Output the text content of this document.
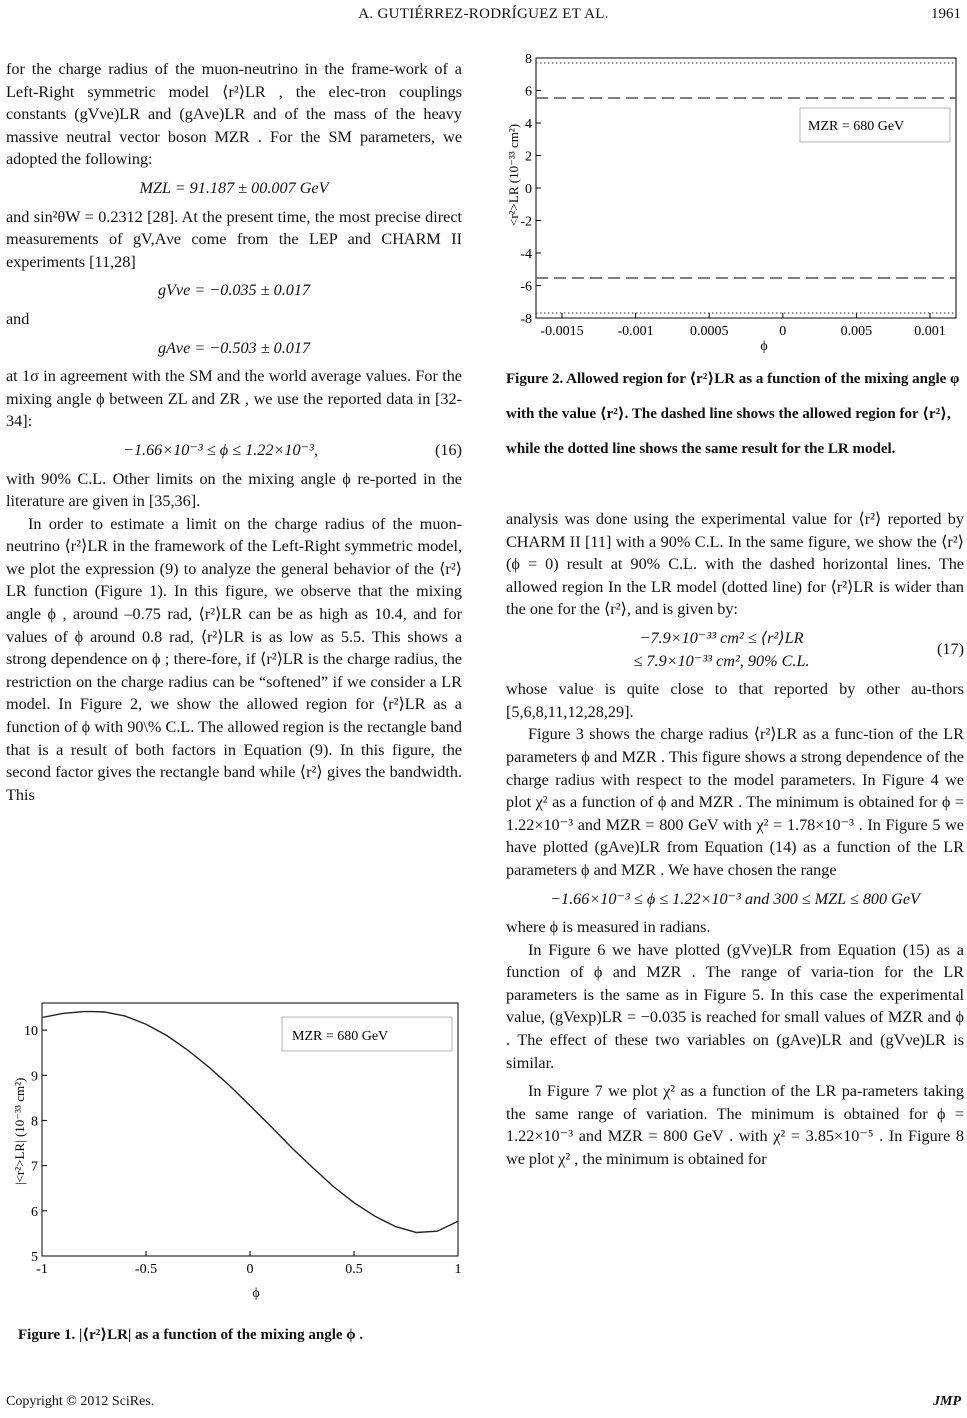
A. GUTIÉRREZ-RODRÍGUEZ ET AL.	1961

for the charge radius of the muon-neutrino in the frame-work of a Left-Right symmetric model ⟨r²⟩LR , the elec-tron couplings constants (gVνe)LR and (gAνe)LR and of the mass of the heavy massive neutral vector boson MZR . For the SM parameters, we adopted the following:

MZL = 91.187 ± 00.007 GeV

and sin²θW = 0.2312 [28]. At the present time, the most precise direct measurements of gV,Aνe come from the LEP and CHARM II experiments [11,28]

gVνe = −0.035 ± 0.017

and

gAνe = −0.503 ± 0.017

at 1σ in agreement with the SM and the world average values. For the mixing angle ϕ between ZL and ZR , we use the reported data in [32-34]:

−1.66×10⁻³ ≤ ϕ ≤ 1.22×10⁻³,	(16)

with 90% C.L. Other limits on the mixing angle ϕ re-ported in the literature are given in [35,36].

In order to estimate a limit on the charge radius of the muon-neutrino ⟨r²⟩LR in the framework of the Left-Right symmetric model, we plot the expression (9) to analyze the general behavior of the ⟨r²⟩LR function (Figure 1). In this figure, we observe that the mixing angle ϕ , around –0.75 rad, ⟨r²⟩LR can be as high as 10.4, and for values of ϕ around 0.8 rad, ⟨r²⟩LR is as low as 5.5. This shows a strong dependence on ϕ ; there-fore, if ⟨r²⟩LR is the charge radius, the restriction on the charge radius can be “softened” if we consider a LR model. In Figure 2, we show the allowed region for ⟨r²⟩LR as a function of ϕ with 90\% C.L. The allowed region is the rectangle band that is a result of both factors in Equation (9). In this figure, the second factor gives the rectangle band while ⟨r²⟩ gives the bandwidth. This

-8
-6
-4
-2
0
2
4
6
8
-0.0015 -0.001	0.0005	0	0.005	0.001
MZR = 680 GeV
<r²>LR (10⁻³³ cm²)
ϕ
Figure 2. Allowed region for ⟨r²⟩LR as a function of the mixing angle φ with the value ⟨r²⟩. The dashed line shows the allowed region for ⟨r²⟩, while the dotted line shows the same result for the LR model.

analysis was done using the experimental value for ⟨r²⟩ reported by CHARM II [11] with a 90% C.L. In the same figure, we show the ⟨r²⟩ (ϕ = 0) result at 90% C.L. with the dashed horizontal lines. The allowed region In the LR model (dotted line) for ⟨r²⟩LR is wider than the one for the ⟨r²⟩, and is given by:

−7.9×10⁻³³ cm² ≤ ⟨r²⟩LR
≤ 7.9×10⁻³³ cm², 90% C.L.
(17)

whose value is quite close to that reported by other au-thors [5,6,8,11,12,28,29].

Figure 3 shows the charge radius ⟨r²⟩LR as a func-tion of the LR parameters ϕ and MZR . This figure shows a strong dependence of the charge radius with respect to the model parameters. In Figure 4 we plot χ² as a function of ϕ and MZR . The minimum is obtained for ϕ = 1.22×10⁻³ and MZR = 800 GeV with χ² = 1.78×10⁻³ . In Figure 5 we have plotted (gAνe)LR from Equation (14) as a function of the LR parameters ϕ and MZR . We have chosen the range

−1.66×10⁻³ ≤ ϕ ≤ 1.22×10⁻³ and 300 ≤ MZL ≤ 800 GeV

where ϕ is measured in radians.

In Figure 6 we have plotted (gVνe)LR from Equation (15) as a function of ϕ and MZR . The range of varia-tion for the LR parameters is the same as in Figure 5. In this case the experimental value, (gVexp)LR = −0.035 is reached for small values of MZR and ϕ . The effect of these two variables on (gAνe)LR and (gVνe)LR is similar.

In Figure 7 we plot χ² as a function of the LR pa-rameters taking the same range of variation. The minimum is obtained for ϕ = 1.22×10⁻³ and MZR = 800 GeV . with χ² = 3.85×10⁻⁵ . In Figure 8 we plot χ² , the minimum is obtained for

5
6
7
8
9
10
-1	-0.5	0	0.5	1
MZR = 680 GeV
|<r²>LR| (10⁻³³ cm²)
ϕ
Figure 1. |⟨r²⟩LR| as a function of the mixing angle ϕ .
Copyright © 2012 SciRes.	JMP
